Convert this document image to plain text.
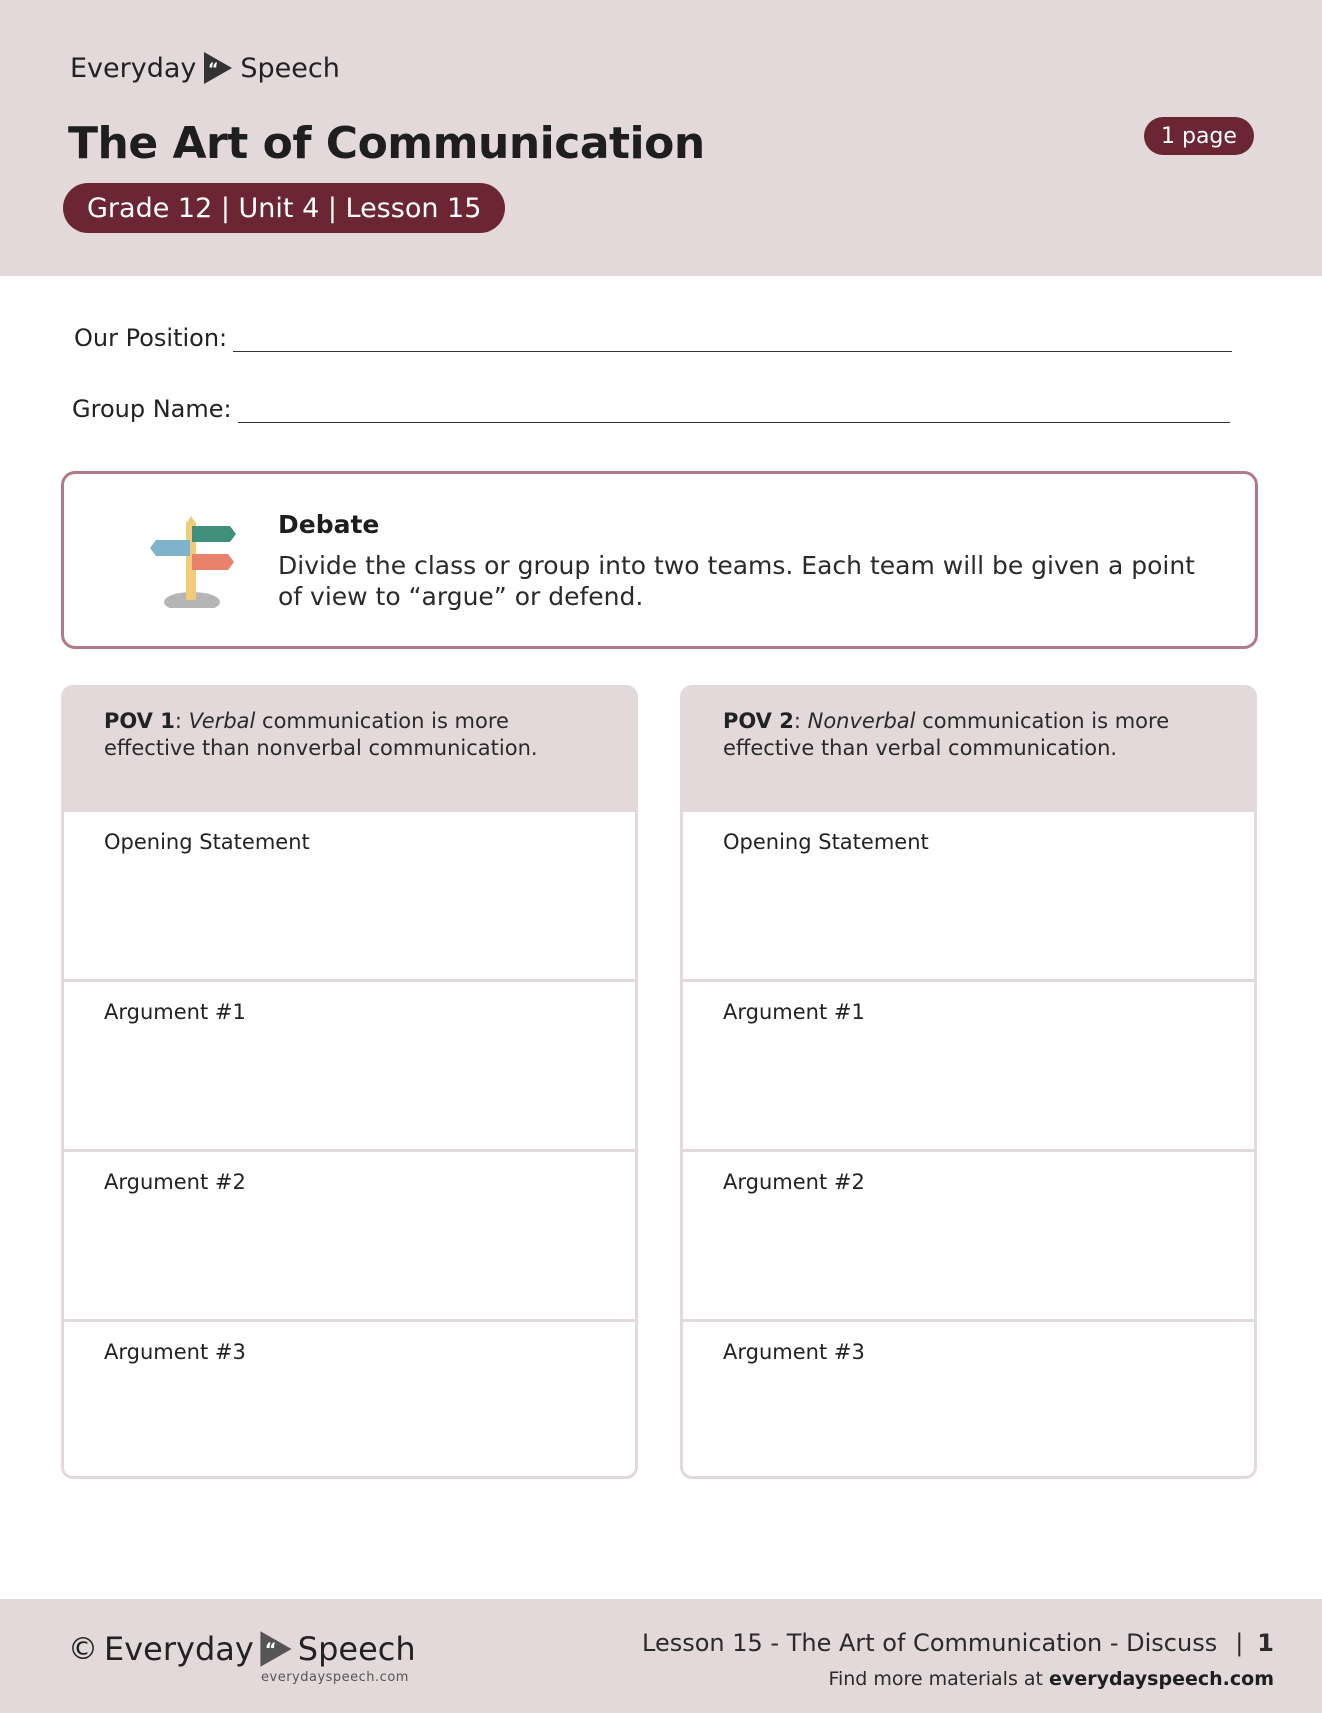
Everyday “ Speech
The Art of Communication
Grade 12 | Unit 4 | Lesson 15
1 page
Our Position:
Group Name:
Debate
Divide the class or group into two teams. Each team will be given a point of view to “argue” or defend.
POV 1: Verbal communication is more effective than nonverbal communication.
Opening Statement
Argument #1
Argument #2
Argument #3
POV 2: Nonverbal communication is more effective than verbal communication.
Opening Statement
Argument #1
Argument #2
Argument #3
© Everyday “ Speech
everydayspeech.com
Lesson 15 - The Art of Communication - Discuss | 1
Find more materials at everydayspeech.com
